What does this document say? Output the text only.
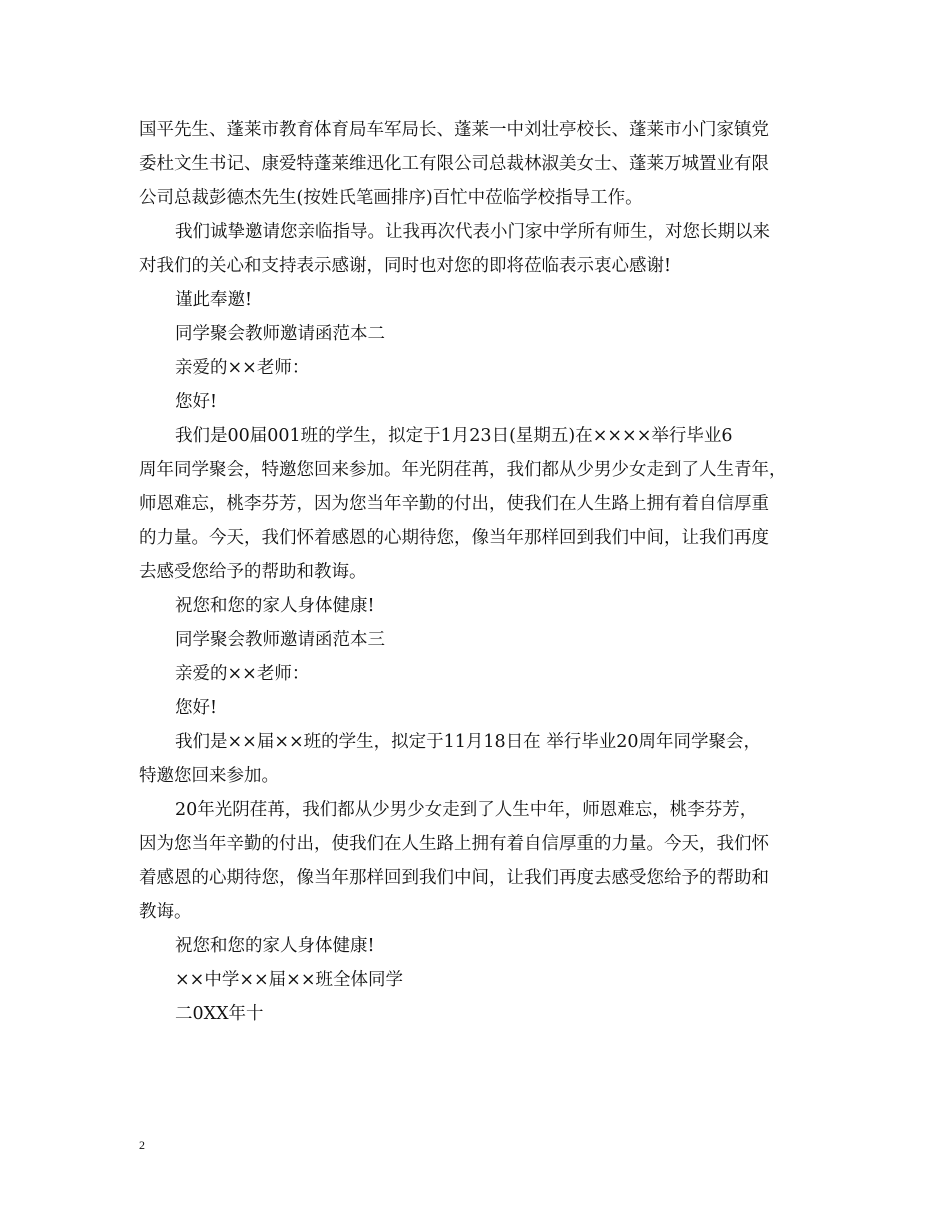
国平先生、蓬莱市教育体育局车军局长、蓬莱一中刘壮亭校长、蓬莱市小门家镇党
委杜文生书记、康爱特蓬莱维迅化工有限公司总裁林淑美女士、蓬莱万城置业有限
公司总裁彭德杰先生(按姓氏笔画排序)百忙中莅临学校指导工作。
我们诚挚邀请您亲临指导。让我再次代表小门家中学所有师生，对您长期以来
对我们的关心和支持表示感谢，同时也对您的即将莅临表示衷心感谢!
谨此奉邀!
同学聚会教师邀请函范本二
亲爱的××老师：
您好!
我们是00届001班的学生，拟定于1月23日(星期五)在××××举行毕业6
周年同学聚会，特邀您回来参加。年光阴荏苒，我们都从少男少女走到了人生青年，
师恩难忘，桃李芬芳，因为您当年辛勤的付出，使我们在人生路上拥有着自信厚重
的力量。今天，我们怀着感恩的心期待您，像当年那样回到我们中间，让我们再度
去感受您给予的帮助和教诲。
祝您和您的家人身体健康!
同学聚会教师邀请函范本三
亲爱的××老师：
您好!
我们是××届××班的学生，拟定于11月18日在 举行毕业20周年同学聚会，
特邀您回来参加。
20年光阴荏苒，我们都从少男少女走到了人生中年，师恩难忘，桃李芬芳，
因为您当年辛勤的付出，使我们在人生路上拥有着自信厚重的力量。今天，我们怀
着感恩的心期待您，像当年那样回到我们中间，让我们再度去感受您给予的帮助和
教诲。
祝您和您的家人身体健康!
××中学××届××班全体同学
二0XX年十
2
